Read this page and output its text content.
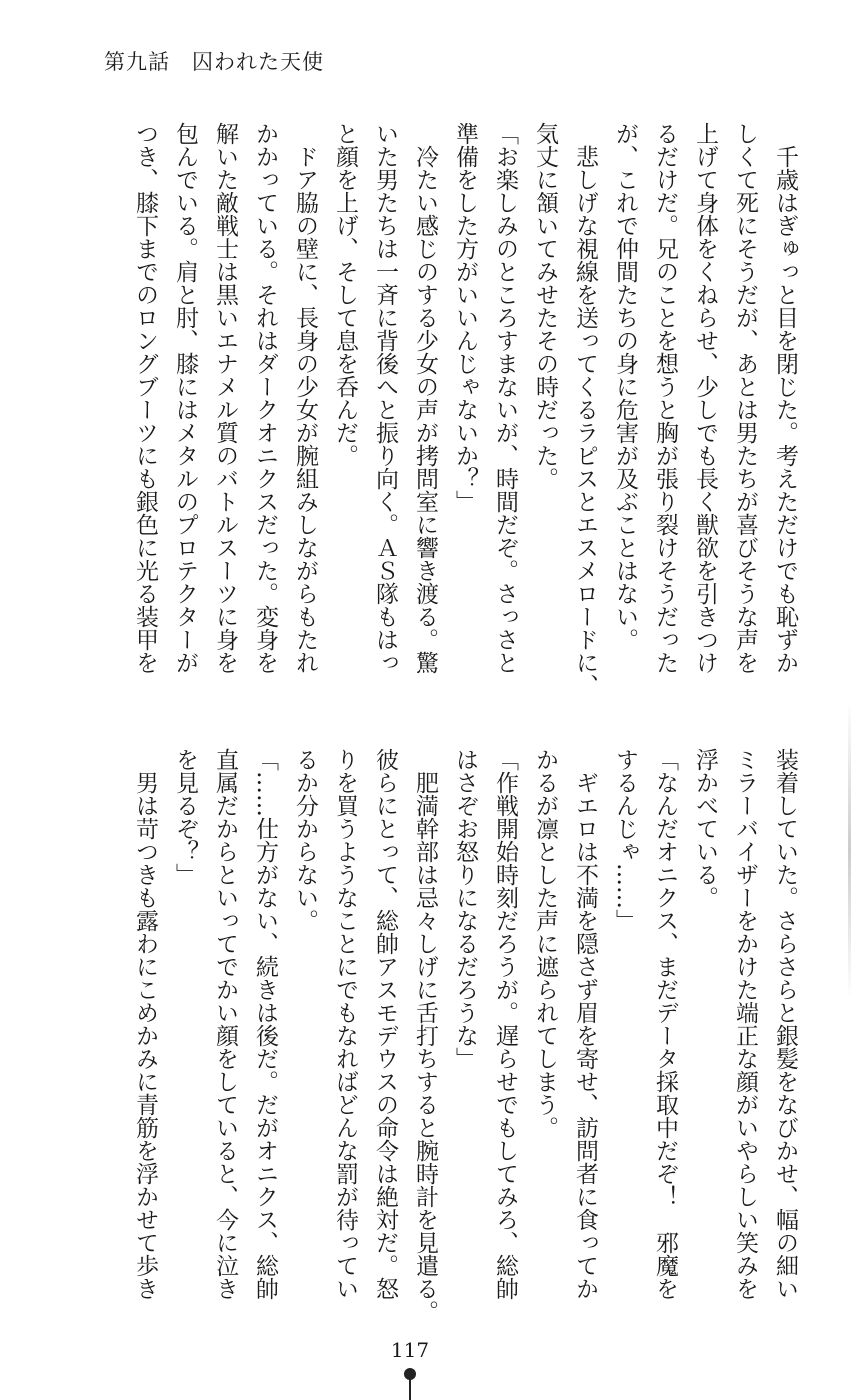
第九話　囚われた天使
　千歳はぎゅっと目を閉じた。考えただけでも恥ずか
しくて死にそうだが、あとは男たちが喜びそうな声を
上げて身体をくねらせ、少しでも長く獣欲を引きつけ
るだけだ。兄のことを想うと胸が張り裂けそうだった
が、これで仲間たちの身に危害が及ぶことはない。
　悲しげな視線を送ってくるラピスとエスメロードに、
気丈に頷いてみせたその時だった。
「お楽しみのところすまないが、時間だぞ。さっさと
準備をした方がいいんじゃないか？」
　冷たい感じのする少女の声が拷問室に響き渡る。驚
いた男たちは一斉に背後へと振り向く。ＡＳ隊もはっ
と顔を上げ、そして息を呑んだ。
　ドア脇の壁に、長身の少女が腕組みしながらもたれ
かかっている。それはダークオニクスだった。変身を
解いた敵戦士は黒いエナメル質のバトルスーツに身を
包んでいる。肩と肘、膝にはメタルのプロテクターが
つき、膝下までのロングブーツにも銀色に光る装甲を
装着していた。さらさらと銀髪をなびかせ、幅の細い
ミラーバイザーをかけた端正な顔がいやらしい笑みを
浮かべている。
「なんだオニクス、まだデータ採取中だぞ！　邪魔を
するんじゃ……」
　ギエロは不満を隠さず眉を寄せ、訪問者に食ってか
かるが凛とした声に遮られてしまう。
「作戦開始時刻だろうが。遅らせでもしてみろ、総帥
はさぞお怒りになるだろうな」
　肥満幹部は忌々しげに舌打ちすると腕時計を見遣る。
彼らにとって、総帥アスモデウスの命令は絶対だ。怒
りを買うようなことにでもなればどんな罰が待ってい
るか分からない。
「……仕方がない、続きは後だ。だがオニクス、総帥
直属だからといってでかい顔をしていると、今に泣き
を見るぞ？」
　男は苛つきも露わにこめかみに青筋を浮かせて歩き
117
